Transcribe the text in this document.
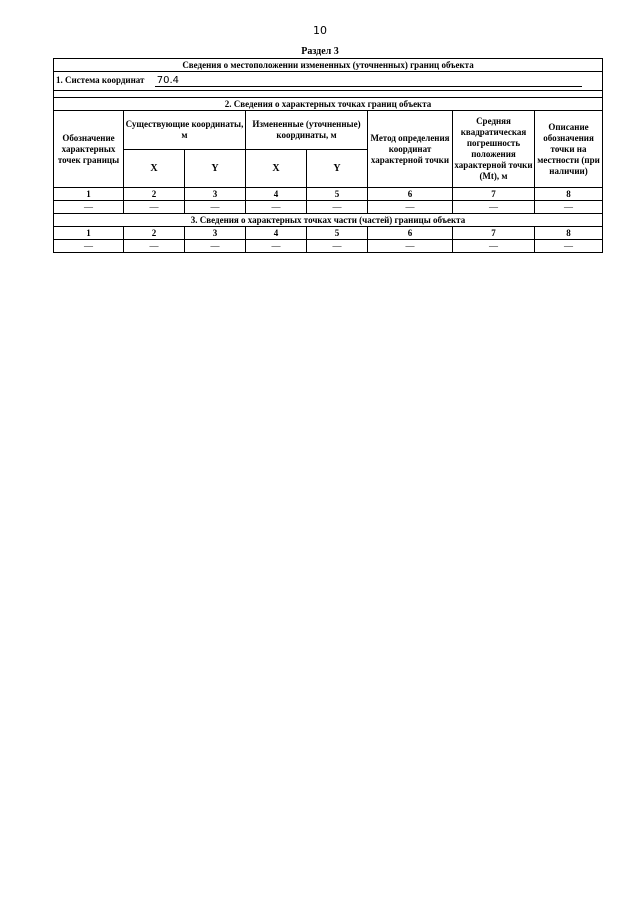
10
Раздел 3
Сведения о местоположении измененных (уточненных) границ объекта							
1. Система координат 70.4							

2. Сведения о характерных точках границ объекта							
Обозначение характерных точек границы	Существующие координаты, м		Измененные (уточненные) координаты, м		Метод определения координат характерной точки	Средняя квадратическая погрешность положения характерной точки (Mt), м	Описание обозначения точки на местности (при наличии)
	X	Y	X	Y			
1	2	3	4	5	6	7	8
—	—	—	—	—	—	—	—
3. Сведения о характерных точках части (частей) границы объекта							
1	2	3	4	5	6	7	8
—	—	—	—	—	—	—	—
